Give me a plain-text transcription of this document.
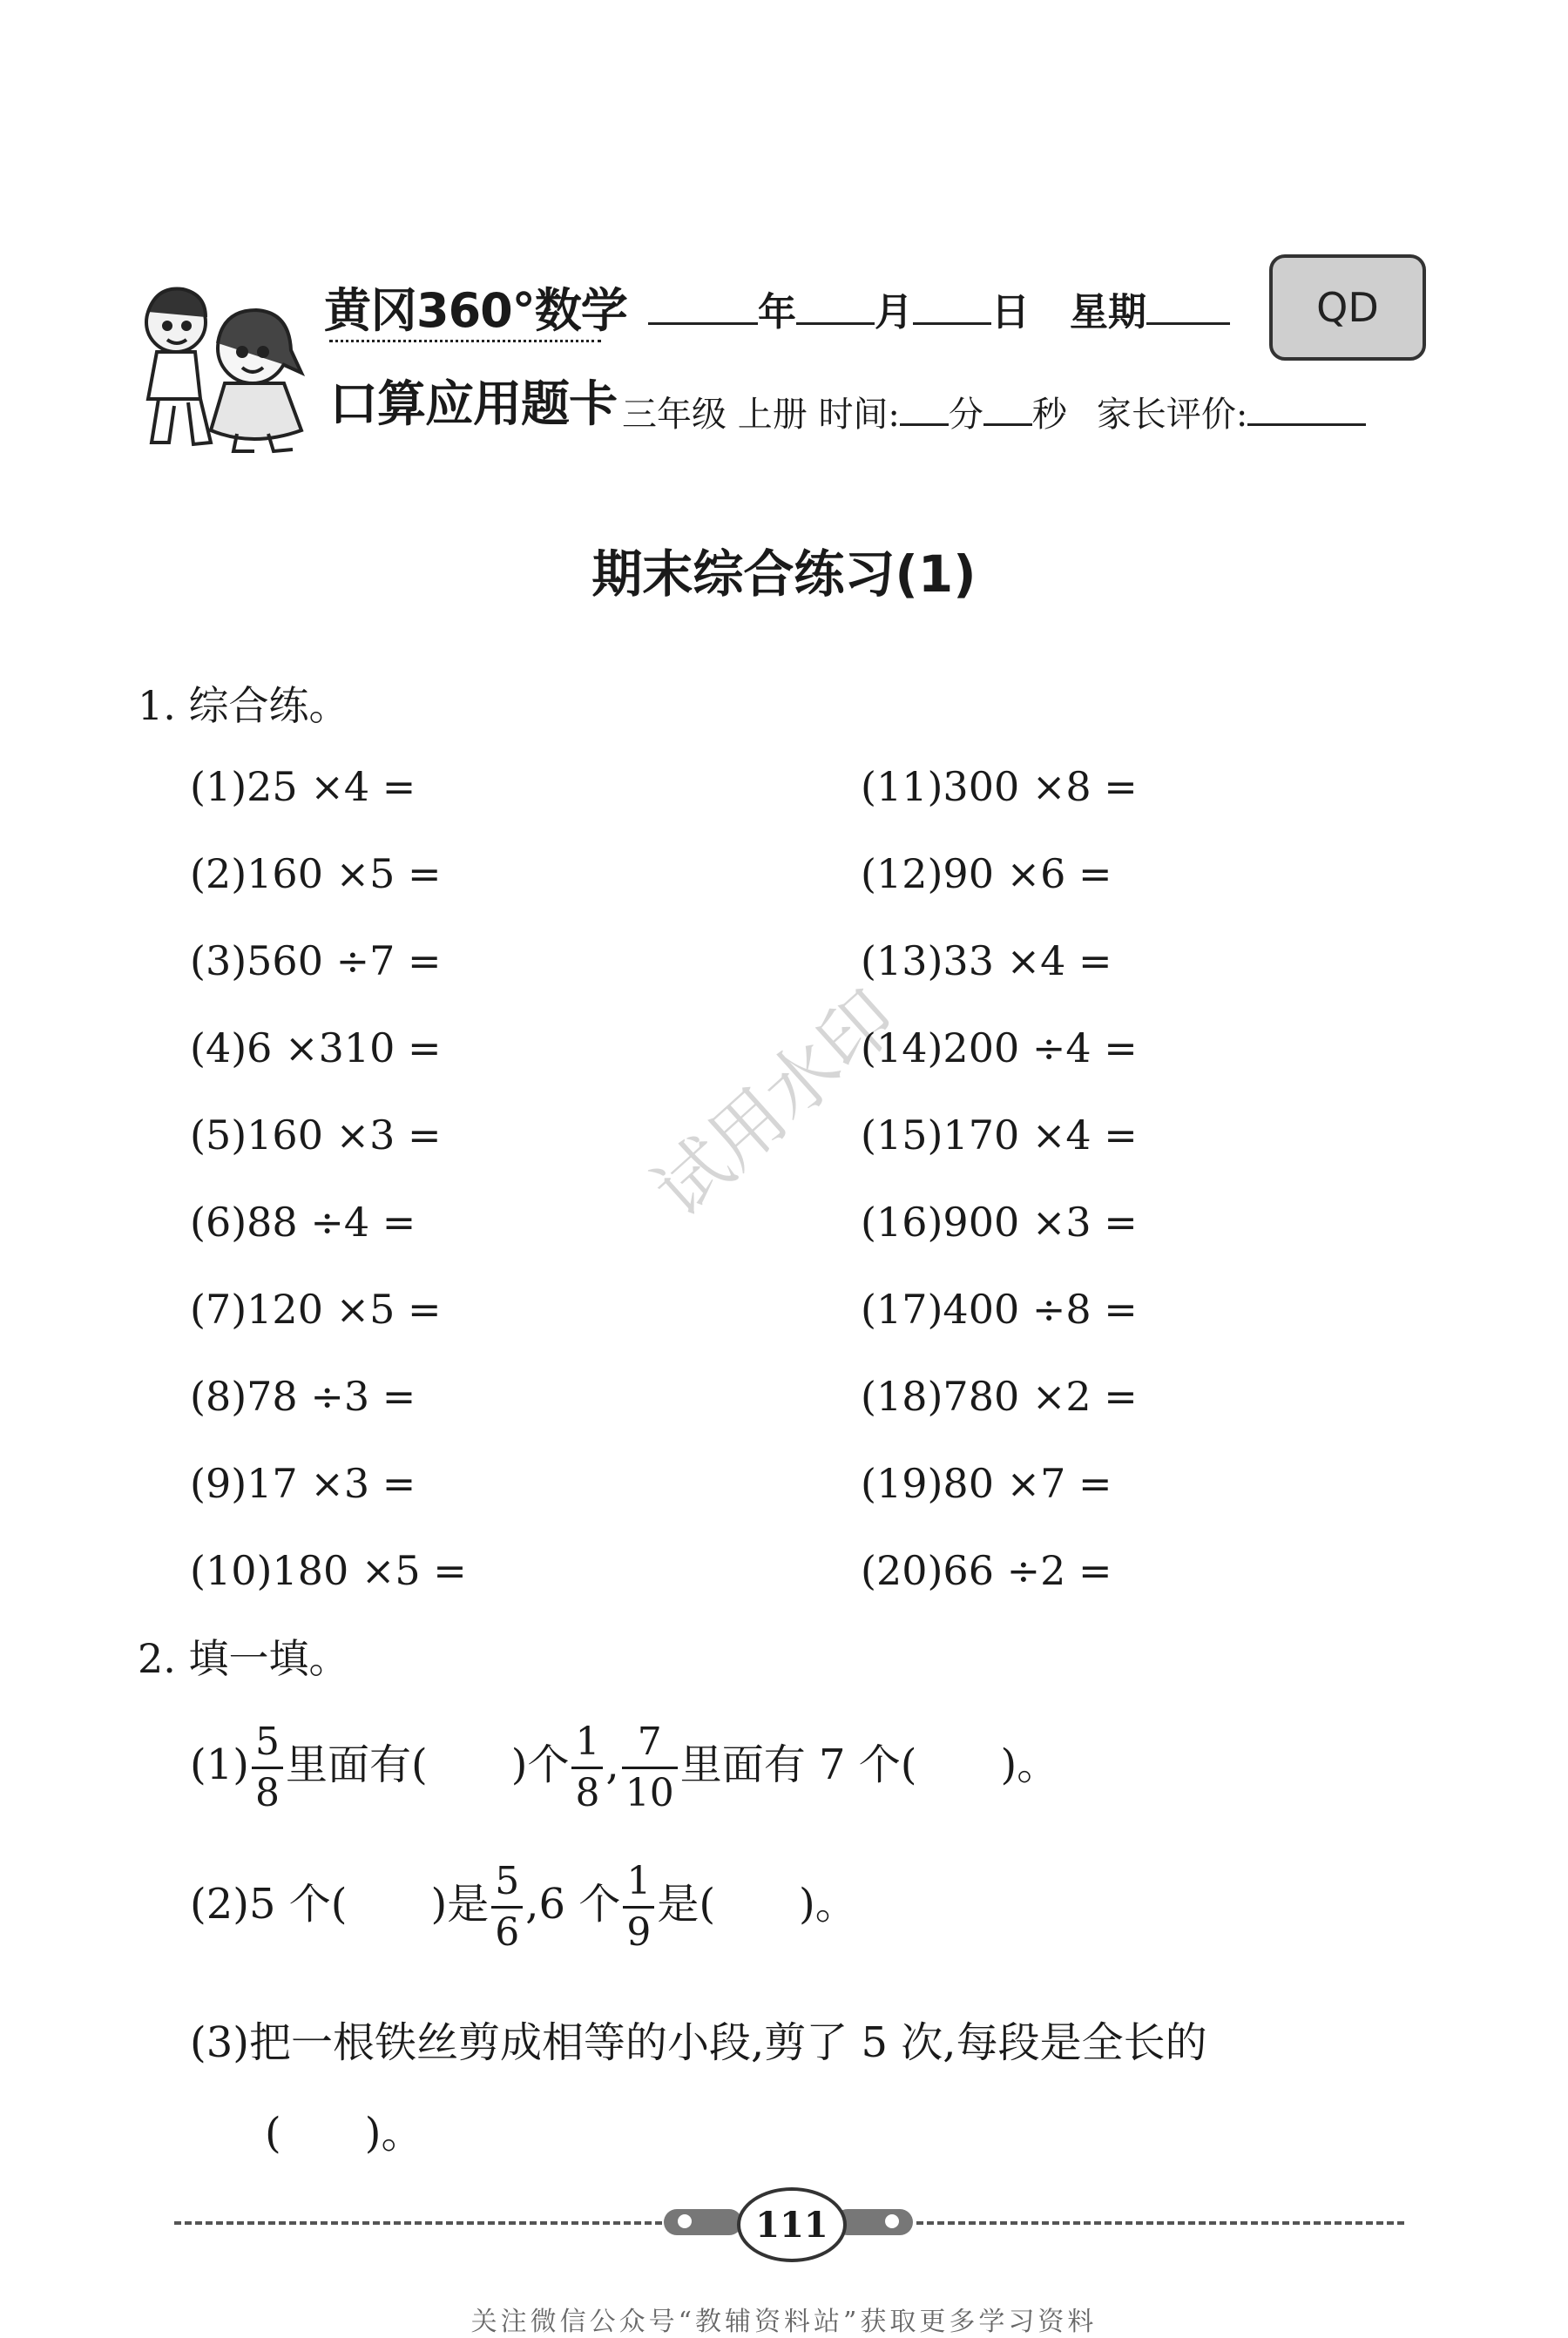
黄冈360°数学
口算应用题卡
年 月 日 星期	QD
三年级 上册 时间: 分 秒 家长评价:
期末综合练习(1)
试用水印
1. 综合练。
(1)25 ×4 =
(2)160 ×5 =
(3)560 ÷7 =
(4)6 ×310 =
(5)160 ×3 =
(6)88 ÷4 =
(7)120 ×5 =
(8)78 ÷3 =
(9)17 ×3 =
(10)180 ×5 =
(11)300 ×8 =
(12)90 ×6 =
(13)33 ×4 =
(14)200 ÷4 =
(15)170 ×4 =
(16)900 ×3 =
(17)400 ÷8 =
(18)780 ×2 =
(19)80 ×7 =
(20)66 ÷2 =
2. 填一填。
$(1) \frac{5}{8}$ 里面有(　　)个 $\frac{1}{8}$ , $\frac{7}{10}$ 里面有 7 个(　　)。
(2)5 个(　　)是 $\frac{5}{6} ,6$ 个 $\frac{1}{9}$ 是(　　)。
(3)把一根铁丝剪成相等的小段,剪了 5 次,每段是全长的
(　　)。
111
关注微信公众号“教辅资料站”获取更多学习资料
